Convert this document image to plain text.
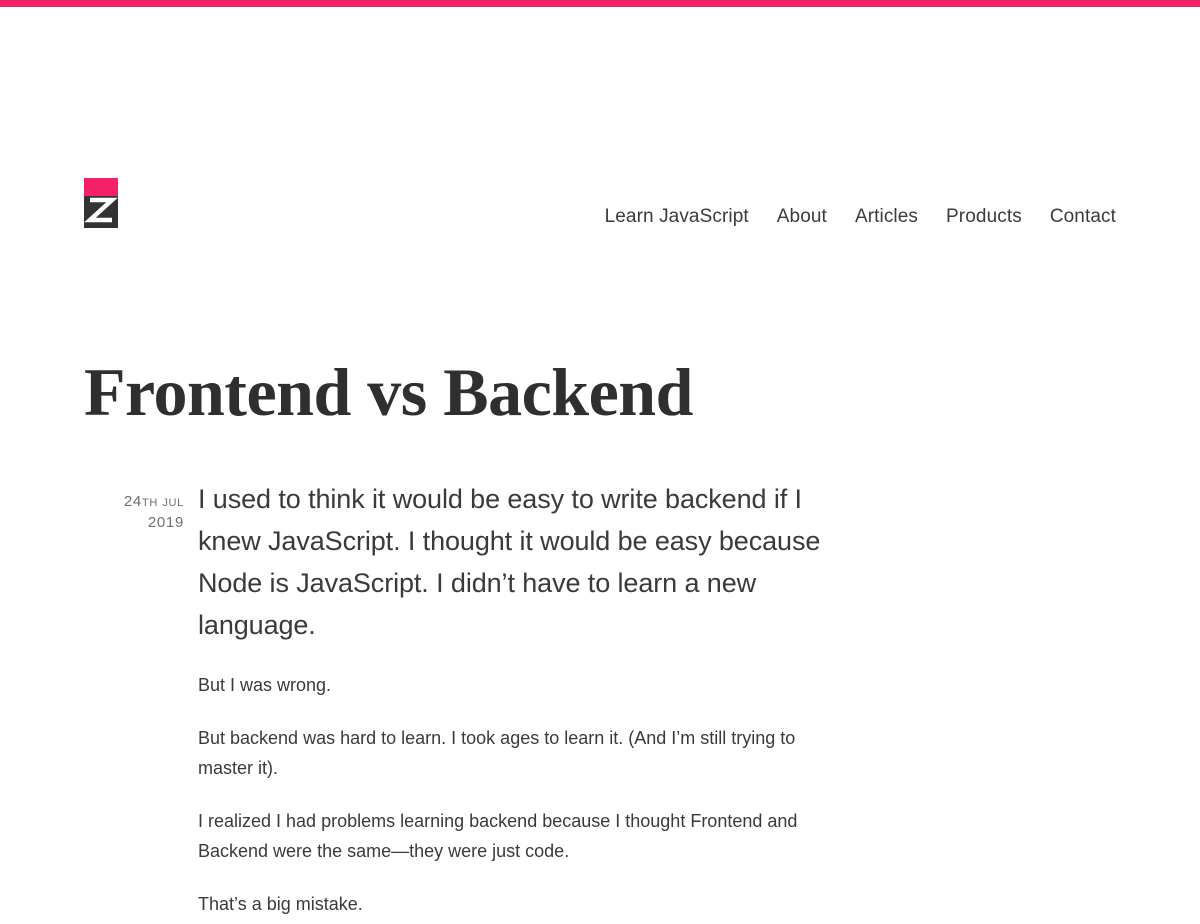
Learn JavaScript About Articles Products Contact
Frontend vs Backend
24TH JUL
2019

I used to think it would be easy to write backend if I knew JavaScript. I thought it would be easy because Node is JavaScript. I didn’t have to learn a new language.

But I was wrong.

But backend was hard to learn. I took ages to learn it. (And I’m still trying to master it).

I realized I had problems learning backend because I thought Frontend and Backend were the same—they were just code.

That’s a big mistake.
